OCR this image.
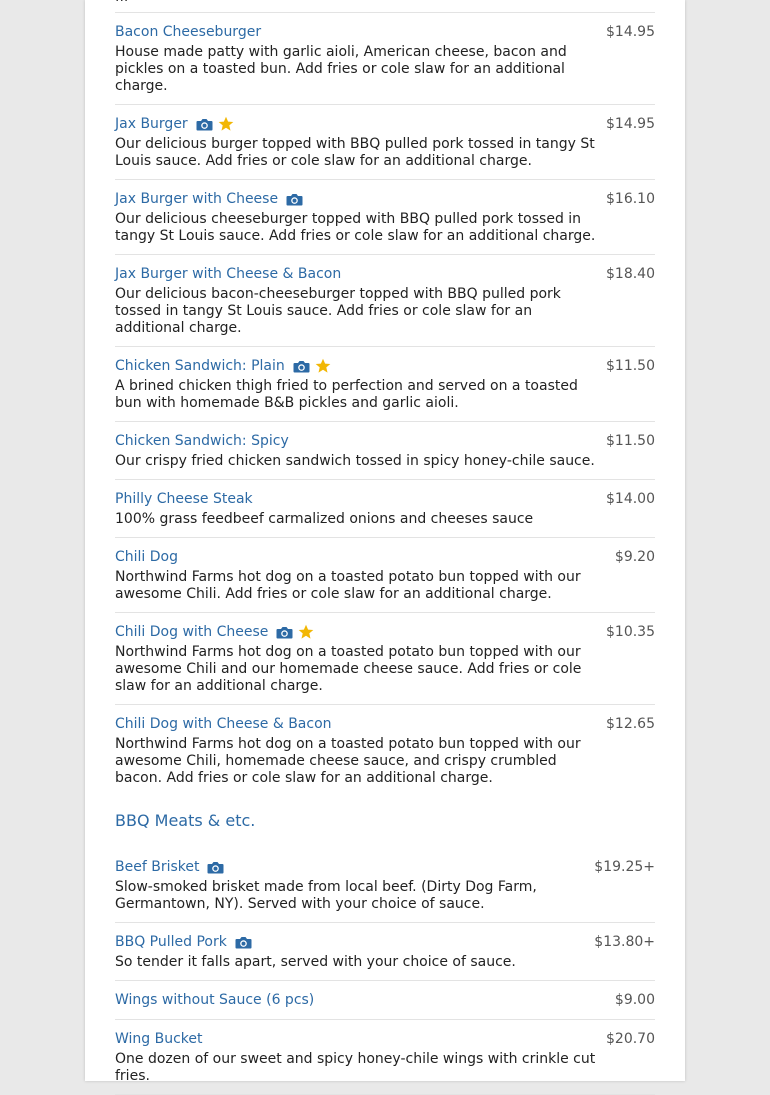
Bacon Cheeseburger	$14.95
House made patty with garlic aioli, American cheese, bacon and pickles on a toasted bun. Add fries or cole slaw for an additional charge.
Jax Burger	$14.95
Our delicious burger topped with BBQ pulled pork tossed in tangy St Louis sauce. Add fries or cole slaw for an additional charge.
Jax Burger with Cheese	$16.10
Our delicious cheeseburger topped with BBQ pulled pork tossed in tangy St Louis sauce. Add fries or cole slaw for an additional charge.
Jax Burger with Cheese & Bacon	$18.40
Our delicious bacon-cheeseburger topped with BBQ pulled pork tossed in tangy St Louis sauce. Add fries or cole slaw for an additional charge.
Chicken Sandwich: Plain	$11.50
A brined chicken thigh fried to perfection and served on a toasted bun with homemade B&B pickles and garlic aioli.
Chicken Sandwich: Spicy	$11.50
Our crispy fried chicken sandwich tossed in spicy honey-chile sauce.
Philly Cheese Steak	$14.00
100% grass feedbeef carmalized onions and cheeses sauce
Chili Dog	$9.20
Northwind Farms hot dog on a toasted potato bun topped with our awesome Chili. Add fries or cole slaw for an additional charge.
Chili Dog with Cheese	$10.35
Northwind Farms hot dog on a toasted potato bun topped with our awesome Chili and our homemade cheese sauce. Add fries or cole slaw for an additional charge.
Chili Dog with Cheese & Bacon	$12.65
Northwind Farms hot dog on a toasted potato bun topped with our awesome Chili, homemade cheese sauce, and crispy crumbled bacon. Add fries or cole slaw for an additional charge.
BBQ Meats & etc.
Beef Brisket	$19.25+
Slow-smoked brisket made from local beef. (Dirty Dog Farm, Germantown, NY). Served with your choice of sauce.
BBQ Pulled Pork	$13.80+
So tender it falls apart, served with your choice of sauce.
Wings without Sauce (6 pcs)	$9.00
Wing Bucket	$20.70
One dozen of our sweet and spicy honey-chile wings with crinkle cut fries.
